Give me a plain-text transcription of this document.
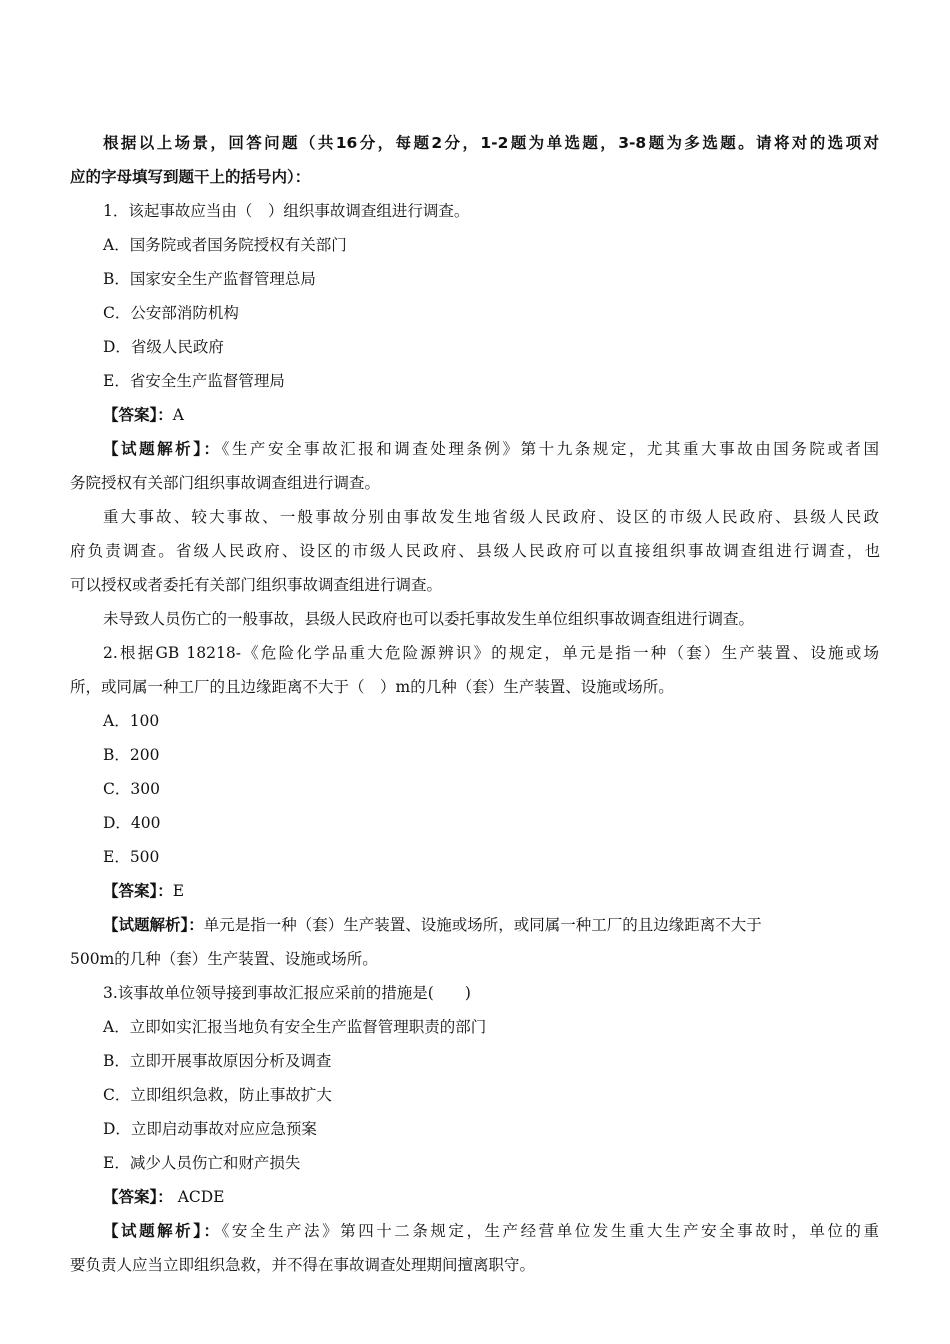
根据以上场景，回答问题（共16分，每题2分，1-2题为单选题，3-8题为多选题。请将对的选项对
应的字母填写到题干上的括号内）：
1．该起事故应当由（　）组织事故调查组进行调查。
A．国务院或者国务院授权有关部门
B．国家安全生产监督管理总局
C．公安部消防机构
D．省级人民政府
E．省安全生产监督管理局
【答案】：A
【试题解析】：《生产安全事故汇报和调查处理条例》第十九条规定，尤其重大事故由国务院或者国
务院授权有关部门组织事故调查组进行调查。
重大事故、较大事故、一般事故分别由事故发生地省级人民政府、设区的市级人民政府、县级人民政
府负责调查。省级人民政府、设区的市级人民政府、县级人民政府可以直接组织事故调查组进行调查，也
可以授权或者委托有关部门组织事故调查组进行调查。
未导致人员伤亡的一般事故，县级人民政府也可以委托事故发生单位组织事故调查组进行调查。
2.根据GB 18218-《危险化学品重大危险源辨识》的规定，单元是指一种（套）生产装置、设施或场
所，或同属一种工厂的且边缘距离不大于（　）m的几种（套）生产装置、设施或场所。
A．100
B．200
C．300
D．400
E．500
【答案】：E
【试题解析】：单元是指一种（套）生产装置、设施或场所，或同属一种工厂的且边缘距离不大于
500m的几种（套）生产装置、设施或场所。
3.该事故单位领导接到事故汇报应采前的措施是(　　)
A．立即如实汇报当地负有安全生产监督管理职责的部门
B．立即开展事故原因分析及调查
C．立即组织急救，防止事故扩大
D．立即启动事故对应应急预案
E．减少人员伤亡和财产损失
【答案】： ACDE
【试题解析】：《安全生产法》第四十二条规定，生产经营单位发生重大生产安全事故时，单位的重
要负责人应当立即组织急救，并不得在事故调查处理期间擅离职守。
